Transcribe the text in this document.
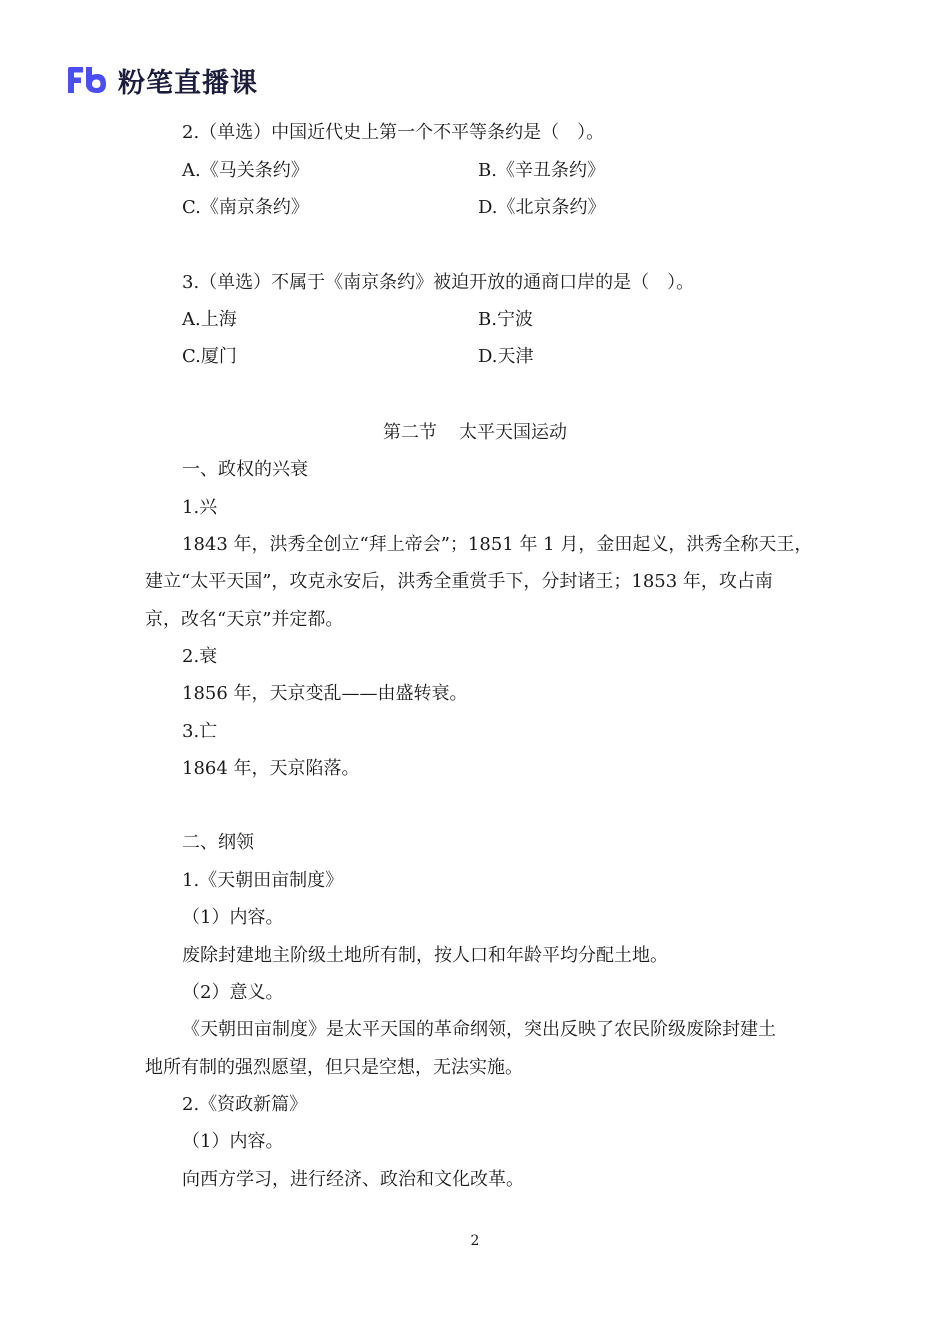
粉笔直播课
2.（单选）中国近代史上第一个不平等条约是（　）。
A.《马关条约》	B.《辛丑条约》
C.《南京条约》	D.《北京条约》
3.（单选）不属于《南京条约》被迫开放的通商口岸的是（　）。
A.上海	B.宁波
C.厦门	D.天津
第二节 太平天国运动
一、政权的兴衰
1.兴
1843 年，洪秀全创立“拜上帝会”；1851 年 1 月，金田起义，洪秀全称天王，
建立“太平天国”，攻克永安后，洪秀全重赏手下，分封诸王；1853 年，攻占南
京，改名“天京”并定都。
2.衰
1856 年，天京变乱——由盛转衰。
3.亡
1864 年，天京陷落。
二、纲领
1.《天朝田亩制度》
（1）内容。
废除封建地主阶级土地所有制，按人口和年龄平均分配土地。
（2）意义。
《天朝田亩制度》是太平天国的革命纲领，突出反映了农民阶级废除封建土
地所有制的强烈愿望，但只是空想，无法实施。
2.《资政新篇》
（1）内容。
向西方学习，进行经济、政治和文化改革。
2
